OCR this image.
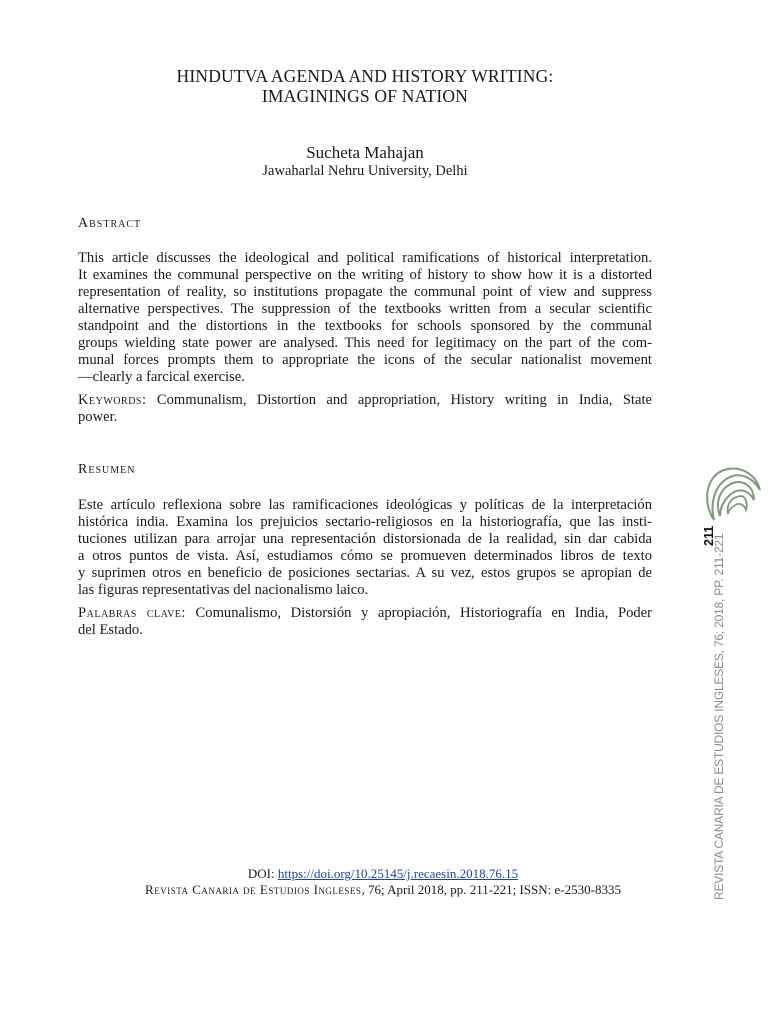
HINDUTVA AGENDA AND HISTORY WRITING:
IMAGININGS OF NATION
Sucheta Mahajan
Jawaharlal Nehru University, Delhi
Abstract
This article discusses the ideological and political ramifications of historical interpretation.
It examines the communal perspective on the writing of history to show how it is a distorted
representation of reality, so institutions propagate the communal point of view and suppress
alternative perspectives. The suppression of the textbooks written from a secular scientific
standpoint and the distortions in the textbooks for schools sponsored by the communal
groups wielding state power are analysed. This need for legitimacy on the part of the com-
munal forces prompts them to appropriate the icons of the secular nationalist movement
—clearly a farcical exercise.
Keywords: Communalism, Distortion and appropriation, History writing in India, State
power.
Resumen
Este artículo reflexiona sobre las ramificaciones ideológicas y políticas de la interpretación
histórica india. Examina los prejuicios sectario-religiosos en la historiografía, que las insti-
tuciones utilizan para arrojar una representación distorsionada de la realidad, sin dar cabida
a otros puntos de vista. Así, estudiamos cómo se promueven determinados libros de texto
y suprimen otros en beneficio de posiciones sectarias. A su vez, estos grupos se apropian de
las figuras representativas del nacionalismo laico.
Palabras clave: Comunalismo, Distorsión y apropiación, Historiografía en India, Poder
del Estado.
DOI: https://doi.org/10.25145/j.recaesin.2018.76.15
Revista Canaria de Estudios Ingleses, 76; April 2018, pp. 211-221; ISSN: e-2530-8335
211
REVISTA CANARIA DE ESTUDIOS INGLESES, 76; 2018, PP. 211-221
